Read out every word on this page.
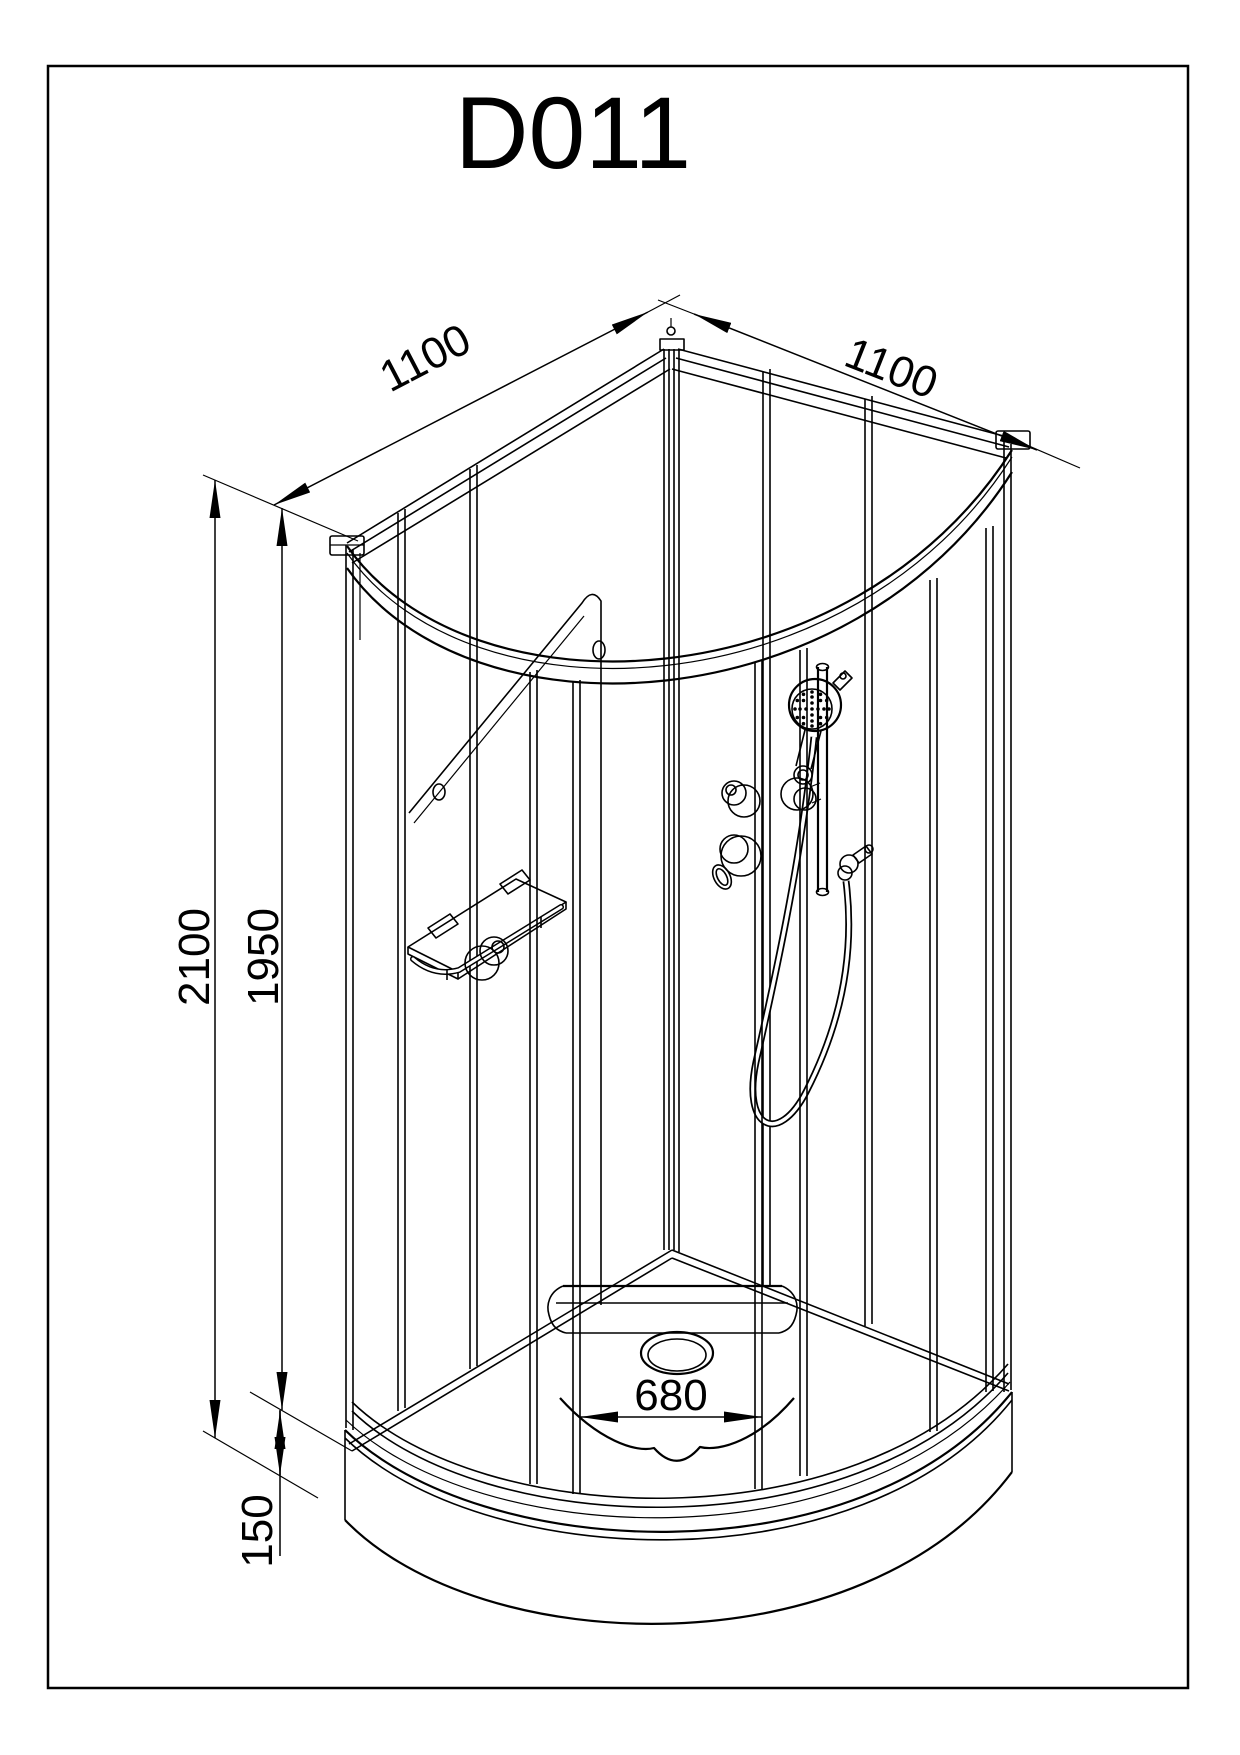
D011
1100	1100
2100 1950
680
150
